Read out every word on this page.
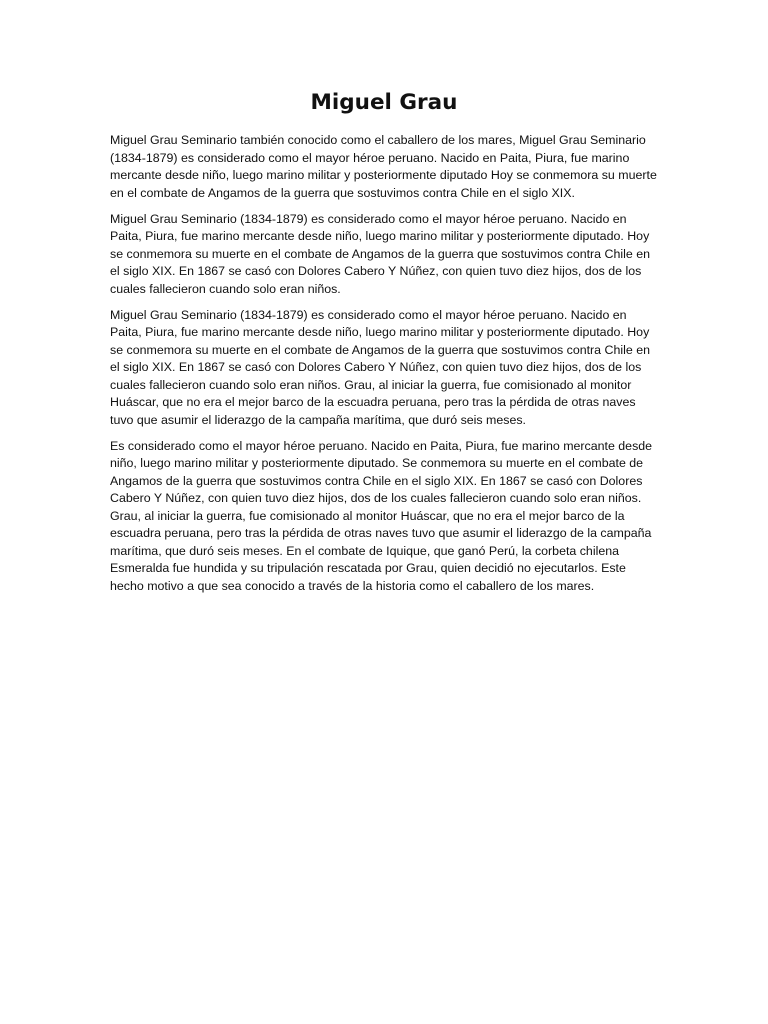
Miguel Grau

Miguel Grau Seminario también conocido como el caballero de los mares, Miguel Grau Seminario (1834-1879) es considerado como el mayor héroe peruano. Nacido en Paita, Piura, fue marino mercante desde niño, luego marino militar y posteriormente diputado Hoy se conmemora su muerte en el combate de Angamos de la guerra que sostuvimos contra Chile en el siglo XIX.

Miguel Grau Seminario (1834-1879) es considerado como el mayor héroe peruano. Nacido en Paita, Piura, fue marino mercante desde niño, luego marino militar y posteriormente diputado. Hoy se conmemora su muerte en el combate de Angamos de la guerra que sostuvimos contra Chile en el siglo XIX. En 1867 se casó con Dolores Cabero Y Núñez, con quien tuvo diez hijos, dos de los cuales fallecieron cuando solo eran niños.

Miguel Grau Seminario (1834-1879) es considerado como el mayor héroe peruano. Nacido en Paita, Piura, fue marino mercante desde niño, luego marino militar y posteriormente diputado. Hoy se conmemora su muerte en el combate de Angamos de la guerra que sostuvimos contra Chile en el siglo XIX. En 1867 se casó con Dolores Cabero Y Núñez, con quien tuvo diez hijos, dos de los cuales fallecieron cuando solo eran niños. Grau, al iniciar la guerra, fue comisionado al monitor Huáscar, que no era el mejor barco de la escuadra peruana, pero tras la pérdida de otras naves tuvo que asumir el liderazgo de la campaña marítima, que duró seis meses.

Es considerado como el mayor héroe peruano. Nacido en Paita, Piura, fue marino mercante desde niño, luego marino militar y posteriormente diputado. Se conmemora su muerte en el combate de Angamos de la guerra que sostuvimos contra Chile en el siglo XIX. En 1867 se casó con Dolores Cabero Y Núñez, con quien tuvo diez hijos, dos de los cuales fallecieron cuando solo eran niños. Grau, al iniciar la guerra, fue comisionado al monitor Huáscar, que no era el mejor barco de la escuadra peruana, pero tras la pérdida de otras naves tuvo que asumir el liderazgo de la campaña marítima, que duró seis meses. En el combate de Iquique, que ganó Perú, la corbeta chilena Esmeralda fue hundida y su tripulación rescatada por Grau, quien decidió no ejecutarlos. Este hecho motivo a que sea conocido a través de la historia como el caballero de los mares.
